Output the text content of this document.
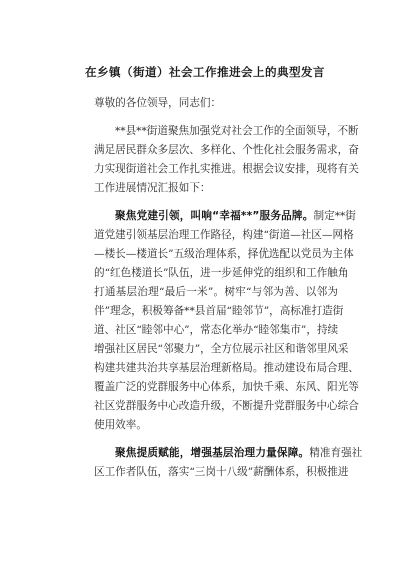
在乡镇（街道）社会工作推进会上的典型发言
尊敬的各位领导，同志们：
**县**街道聚焦加强党对社会工作的全面领导，不断
满足居民群众多层次、多样化、个性化社会服务需求，奋
力实现街道社会工作扎实推进。根据会议安排，现将有关
工作进展情况汇报如下：
聚焦党建引领，叫响“幸福**”服务品牌。制定**街
道党建引领基层治理工作路径，构建“街道—社区—网格
—楼长—楼道长”五级治理体系，择优选配以党员为主体
的“红色楼道长”队伍，进一步延伸党的组织和工作触角
打通基层治理“最后一米”。树牢“与邻为善、以邻为
伴”理念，积极筹备**县首届“睦邻节”，高标准打造街
道、社区“睦邻中心”，常态化举办“睦邻集市”，持续
增强社区居民“邻聚力”，全方位展示社区和谐邻里风采
构建共建共治共享基层治理新格局。推动建设布局合理、
覆盖广泛的党群服务中心体系，加快千乘、东风、阳光等
社区党群服务中心改造升级，不断提升党群服务中心综合
使用效率。
聚焦提质赋能，增强基层治理力量保障。精准育强社
区工作者队伍，落实“三岗十八级”薪酬体系，积极推进
